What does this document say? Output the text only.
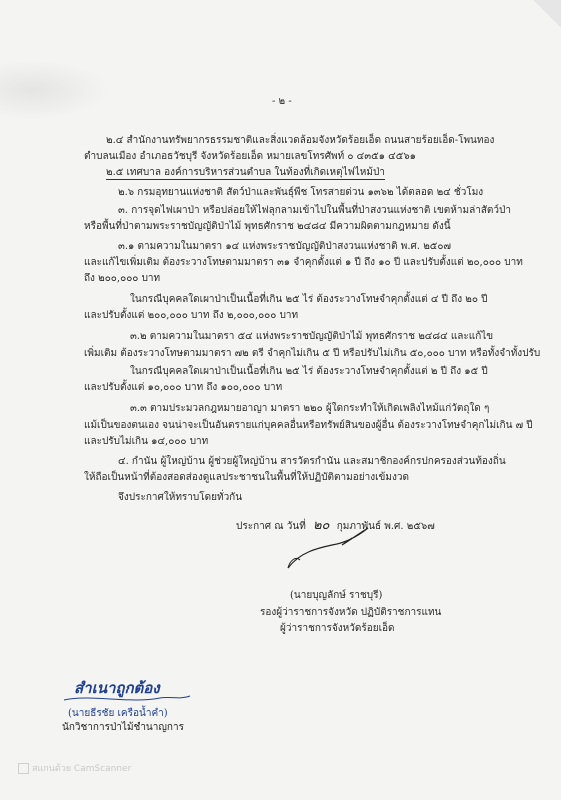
- ๒ -
๒.๔ สำนักงานทรัพยากรธรรมชาติและสิ่งแวดล้อมจังหวัดร้อยเอ็ด ถนนสายร้อยเอ็ด-โพนทอง
ตำบลนเมือง อำเภอธวัชบุรี จังหวัดร้อยเอ็ด หมายเลขโทรศัพท์ ๐ ๔๓๕๑ ๔๕๖๑
๒.๕ เทศบาล องค์การบริหารส่วนตำบล ในท้องที่เกิดเหตุไฟไหม้ป่า
๒.๖ กรมอุทยานแห่งชาติ สัตว์ป่าและพันธุ์พืช โทรสายด่วน ๑๓๖๒ ได้ตลอด ๒๔ ชั่วโมง
๓. การจุดไฟเผาป่า หรือปล่อยให้ไฟลุกลามเข้าไปในพื้นที่ป่าสงวนแห่งชาติ เขตห้ามล่าสัตว์ป่า
หรือพื้นที่ป่าตามพระราชบัญญัติป่าไม้ พุทธศักราช ๒๔๘๔ มีความผิดตามกฎหมาย ดังนี้
๓.๑ ตามความในมาตรา ๑๔ แห่งพระราชบัญญัติป่าสงวนแห่งชาติ พ.ศ. ๒๕๐๗
และแก้ไขเพิ่มเติม ต้องระวางโทษตามมาตรา ๓๑ จำคุกตั้งแต่ ๑ ปี ถึง ๑๐ ปี และปรับตั้งแต่ ๒๐,๐๐๐ บาท
ถึง ๒๐๐,๐๐๐ บาท
ในกรณีบุคคลใดเผาป่าเป็นเนื้อที่เกิน ๒๕ ไร่ ต้องระวางโทษจำคุกตั้งแต่ ๔ ปี ถึง ๒๐ ปี
และปรับตั้งแต่ ๒๐๐,๐๐๐ บาท ถึง ๒,๐๐๐,๐๐๐ บาท
๓.๒ ตามความในมาตรา ๕๔ แห่งพระราชบัญญัติป่าไม้ พุทธศักราช ๒๔๘๔ และแก้ไข
เพิ่มเติม ต้องระวางโทษตามมาตรา ๗๒ ตรี จำคุกไม่เกิน ๕ ปี หรือปรับไม่เกิน ๕๐,๐๐๐ บาท หรือทั้งจำทั้งปรับ
ในกรณีบุคคลใดเผาป่าเป็นเนื้อที่เกิน ๒๕ ไร่ ต้องระวางโทษจำคุกตั้งแต่ ๒ ปี ถึง ๑๕ ปี
และปรับตั้งแต่ ๑๐,๐๐๐ บาท ถึง ๑๐๐,๐๐๐ บาท
๓.๓ ตามประมวลกฎหมายอาญา มาตรา ๒๒๐ ผู้ใดกระทำให้เกิดเพลิงไหม้แก่วัตถุใด ๆ
แม้เป็นของตนเอง จนน่าจะเป็นอันตรายแก่บุคคลอื่นหรือทรัพย์สินของผู้อื่น ต้องระวางโทษจำคุกไม่เกิน ๗ ปี
และปรับไม่เกิน ๑๔,๐๐๐ บาท
๔. กำนัน ผู้ใหญ่บ้าน ผู้ช่วยผู้ใหญ่บ้าน สารวัตรกำนัน และสมาชิกองค์กรปกครองส่วนท้องถิ่น
ให้ถือเป็นหน้าที่ต้องสอดส่องดูแลประชาชนในพื้นที่ให้ปฏิบัติตามอย่างเข้มงวด
จึงประกาศให้ทราบโดยทั่วกัน
ประกาศ ณ วันที่ ๒๐ กุมภาพันธ์ พ.ศ. ๒๕๖๗
(นายบุญลักษ์ ราชบุรี)
รองผู้ว่าราชการจังหวัด ปฏิบัติราชการแทน
ผู้ว่าราชการจังหวัดร้อยเอ็ด
สำเนาถูกต้อง
(นายธีรชัย เครือน้ำคำ)
นักวิชาการป่าไม้ชำนาญการ
สแกนด้วย CamScanner
